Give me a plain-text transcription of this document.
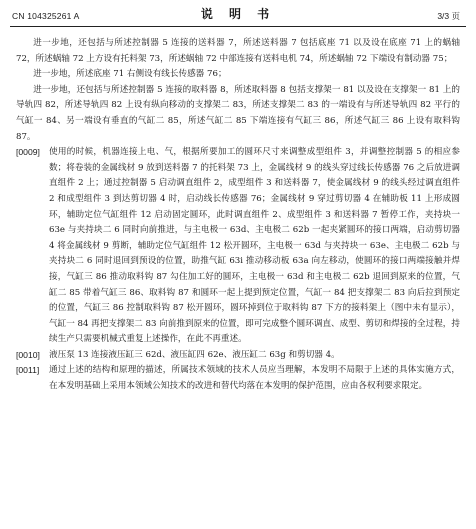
CN 104325261 A	说 明 书	3/3 页

进一步地，还包括与所述控制器 5 连接的送料器 7，所述送料器 7 包括底座 71 以及设在底座 71 上的蜗轴 72，所述蜗轴 72 上方设有托料架 73，所述蜗轴 72 中部连接有送料电机 74，所述蜗轴 72 下端设有制动器 75；

进一步地，所述底座 71 右侧设有线长传感器 76；

进一步地，还包括与所述控制器 5 连接的取料器 8，所述取料器 8 包括支撑架一 81 以及设在支撑架一 81 上的导轨四 82，所述导轨四 82 上设有纵向移动的支撑架二 83，所述支撑架二 83 的一端设有与所述导轨四 82 平行的气缸一 84、另一端设有垂直的气缸二 85，所述气缸二 85 下端连接有气缸三 86，所述气缸三 86 上设有取料钩 87。

[0009]	使用的时候，机器连接上电、气，根据所要加工的圆环尺寸来调整成型组件 3，并调整控制器 5 的相应参数；将卷装的金属线材 9 放到送料器 7 的托料架 73 上，金属线材 9 的线头穿过线长传感器 76 之后放进调直组件 2 上；通过控制器 5 启动调直组件 2，成型组件 3 和送料器 7，使金属线材 9 的线头经过调直组件 2 和成型组件 3 到达剪切器 4 时，启动线长传感器 76；金属线材 9 穿过剪切器 4 在辅助板 11 上形成圆环，辅助定位气缸组件 12 启动固定圆环，此时调直组件 2、成型组件 3 和送料器 7 暂停工作，夹持块一 63e 与夹持块二 6 同时向前推进，与主电极一 63d、主电极二 62b 一起夹紧圆环的接口两端，启动剪切器 4 将金属线材 9 剪断，辅助定位气缸组件 12 松开圆环，主电极一 63d 与夹持块一 63e、主电极二 62b 与夹持块二 6 同时退回到预设的位置，助推气缸 63i 推动移动板 63a 向左移动，使圆环的接口两端接触并焊接，气缸三 86 推动取料钩 87 勾住加工好的圆环，主电极一 63d 和主电极二 62b 退回到原来的位置，气缸二 85 带着气缸三 86、取料钩 87 和圆环一起上提到预定位置，气缸一 84 把支撑架二 83 向后拉到预定的位置，气缸三 86 控制取料钩 87 松开圆环，圆环掉到位于取料钩 87 下方的接料架上（图中未有显示），气缸一 84 再把支撑架二 83 向前推到原来的位置，即可完成整个圆环调直、成型、剪切和焊接的全过程，持续生产只需要机械式重复上述操作，在此不再重述。

[0010]	液压泵 13 连接液压缸三 62d、液压缸四 62e、液压缸二 63g 和剪切器 4。

[0011]	通过上述的结构和原理的描述，所属技术领域的技术人员应当理解，本发明不局限于上述的具体实施方式，在本发明基础上采用本领域公知技术的改进和替代均落在本发明的保护范围，应由各权利要求限定。
